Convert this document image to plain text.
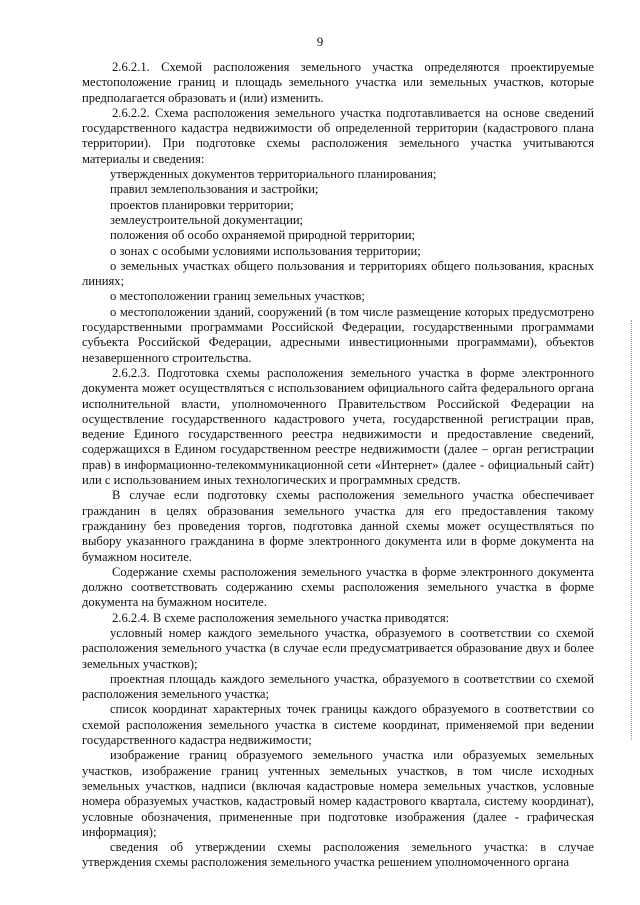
9

2.6.2.1. Схемой расположения земельного участка определяются проектируемые местоположение границ и площадь земельного участка или земельных участков, которые предполагается образовать и (или) изменить.

2.6.2.2. Схема расположения земельного участка подготавливается на основе сведений государственного кадастра недвижимости об определенной территории (кадастрового плана территории). При подготовке схемы расположения земельного участка учитываются материалы и сведения:

утвержденных документов территориального планирования;

правил землепользования и застройки;

проектов планировки территории;

землеустроительной документации;

положения об особо охраняемой природной территории;

о зонах с особыми условиями использования территории;

о земельных участках общего пользования и территориях общего пользования, красных линиях;

о местоположении границ земельных участков;

о местоположении зданий, сооружений (в том числе размещение которых предусмотрено государственными программами Российской Федерации, государственными программами субъекта Российской Федерации, адресными инвестиционными программами), объектов незавершенного строительства.

2.6.2.3. Подготовка схемы расположения земельного участка в форме электронного документа может осуществляться с использованием официального сайта федерального органа исполнительной власти, уполномоченного Правительством Российской Федерации на осуществление государственного кадастрового учета, государственной регистрации прав, ведение Единого государственного реестра недвижимости и предоставление сведений, содержащихся в Едином государственном реестре недвижимости (далее – орган регистрации прав) в информационно-телекоммуникационной сети «Интернет» (далее - официальный сайт) или с использованием иных технологических и программных средств.

В случае если подготовку схемы расположения земельного участка обеспечивает гражданин в целях образования земельного участка для его предоставления такому гражданину без проведения торгов, подготовка данной схемы может осуществляться по выбору указанного гражданина в форме электронного документа или в форме документа на бумажном носителе.

Содержание схемы расположения земельного участка в форме электронного документа должно соответствовать содержанию схемы расположения земельного участка в форме документа на бумажном носителе.

2.6.2.4. В схеме расположения земельного участка приводятся:

условный номер каждого земельного участка, образуемого в соответствии со схемой расположения земельного участка (в случае если предусматривается образование двух и более земельных участков);

проектная площадь каждого земельного участка, образуемого в соответствии со схемой расположения земельного участка;

список координат характерных точек границы каждого образуемого в соответствии со схемой расположения земельного участка в системе координат, применяемой при ведении государственного кадастра недвижимости;

изображение границ образуемого земельного участка или образуемых земельных участков, изображение границ учтенных земельных участков, в том числе исходных земельных участков, надписи (включая кадастровые номера земельных участков, условные номера образуемых участков, кадастровый номер кадастрового квартала, систему координат), условные обозначения, примененные при подготовке изображения (далее - графическая информация);

сведения об утверждении схемы расположения земельного участка: в случае утверждения схемы расположения земельного участка решением уполномоченного органа
